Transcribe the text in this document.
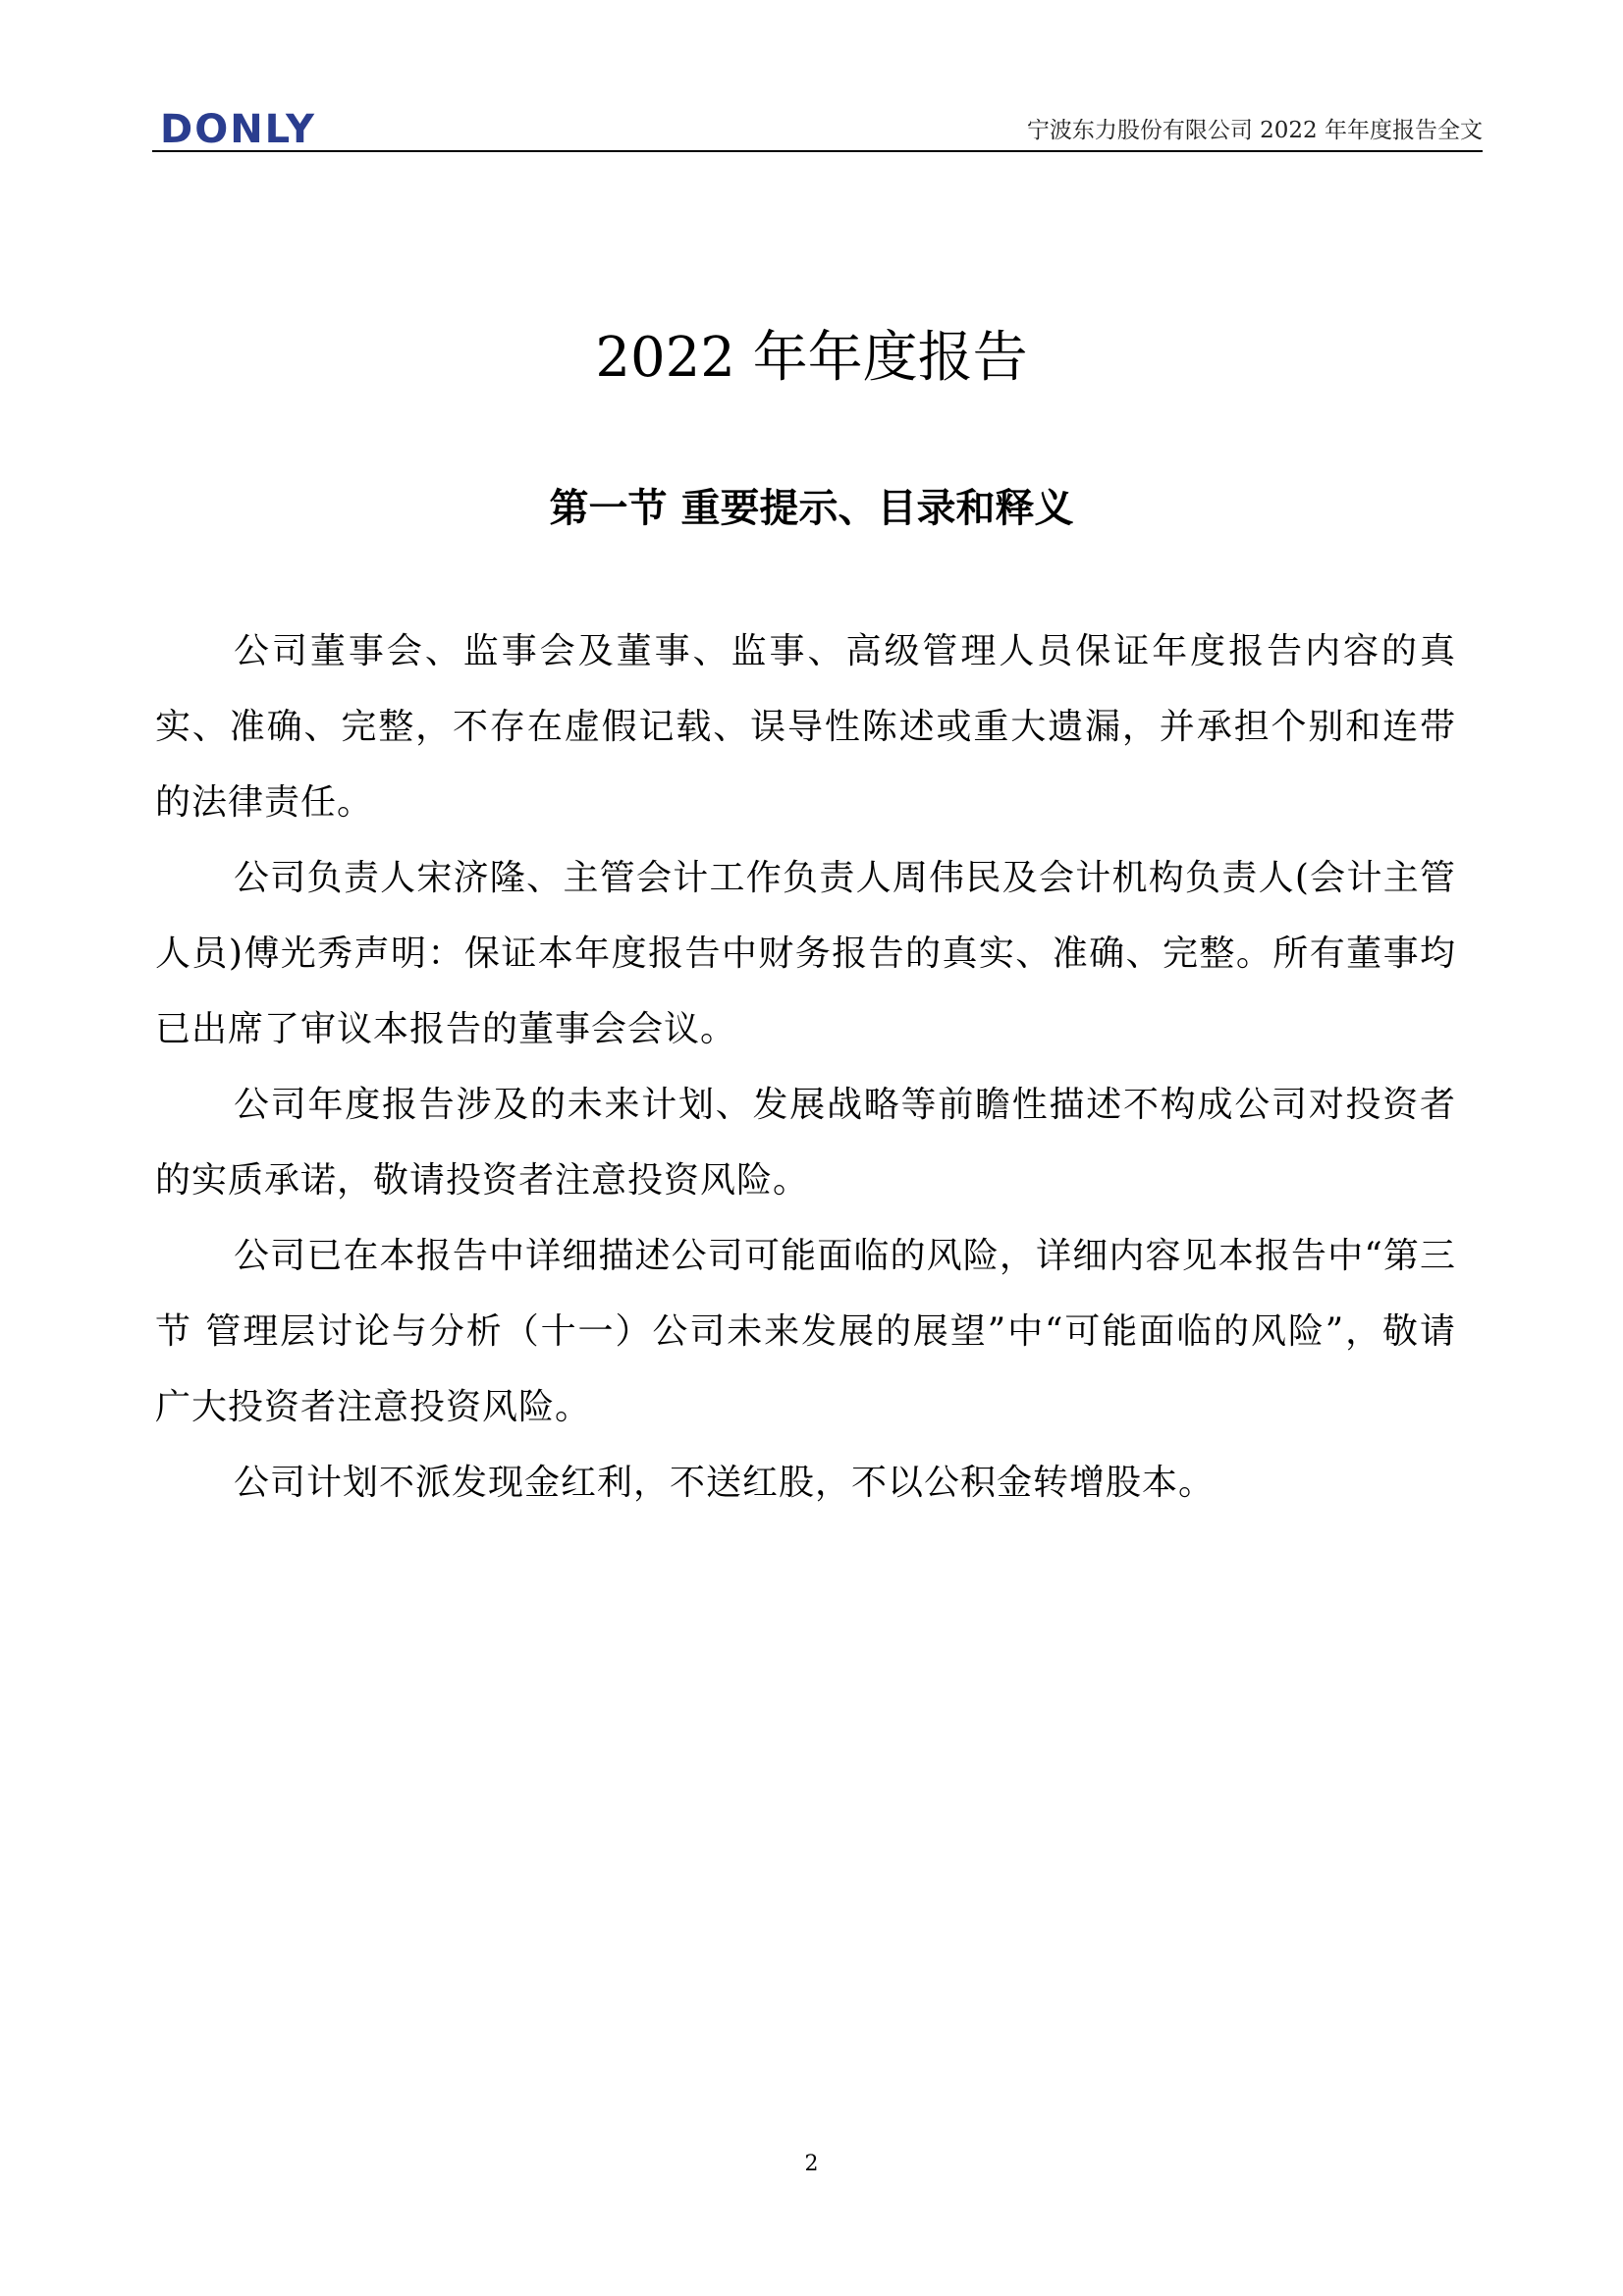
DONLY	宁波东力股份有限公司 2022 年年度报告全文
2022 年年度报告
第一节 重要提示、目录和释义

公司董事会、监事会及董事、监事、高级管理人员保证年度报告内容的真实、准确、完整，不存在虚假记载、误导性陈述或重大遗漏，并承担个别和连带的法律责任。

公司负责人宋济隆、主管会计工作负责人周伟民及会计机构负责人(会计主管人员)傅光秀声明：保证本年度报告中财务报告的真实、准确、完整。所有董事均已出席了审议本报告的董事会会议。

公司年度报告涉及的未来计划、发展战略等前瞻性描述不构成公司对投资者的实质承诺，敬请投资者注意投资风险。

公司已在本报告中详细描述公司可能面临的风险，详细内容见本报告中“第三节 管理层讨论与分析（十一）公司未来发展的展望”中“可能面临的风险”，敬请广大投资者注意投资风险。

公司计划不派发现金红利，不送红股，不以公积金转增股本。

2
